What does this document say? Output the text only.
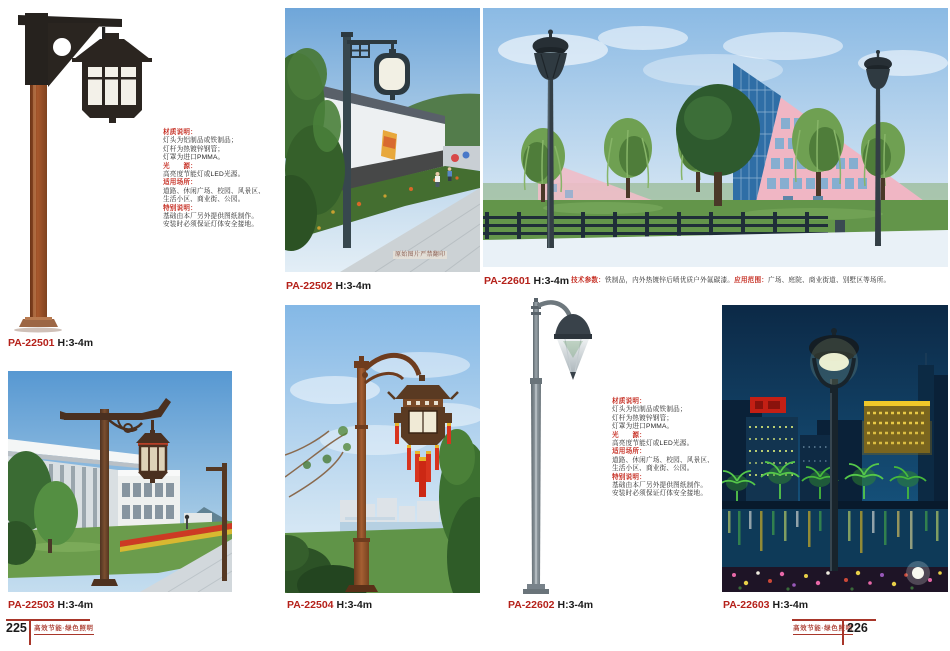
PA-22501 H:3-4m
材质说明：
灯头为铝制品或铁制品；
灯杆为热镀锌钢管；
灯罩为进口PMMA。
光　　源：
高亮度节能灯或LED光源。
适用场所：
道路、休闲广场、校园、风景区、
生活小区、商业街、公园。
特别说明：
基础由本厂另外提供图纸制作。
安装时必须保证灯体安全接地。
原始图片严禁翻印
PA-22502 H:3-4m	PA-22601 H:3-4m 技术参数：铁制品，内外热镀锌后喷优质户外氟碳漆。应用范围：广场、庭院、商业街道、别墅区等场所。
PA-22503 H:3-4m	PA-22504 H:3-4m	PA-22602 H:3-4m
材质说明：
灯头为铝制品或铁制品；
灯杆为热镀锌钢管；
灯罩为进口PMMA。
光　　源：
高亮度节能灯或LED光源。
适用场所：
道路、休闲广场、校园、风景区、
生活小区、商业街、公园。
特别说明：
基础由本厂另外提供图纸制作。
安装时必须保证灯体安全接地。
PA-22603 H:3-4m
225 高效节能·绿色照明	高效节能·绿色照明
226
